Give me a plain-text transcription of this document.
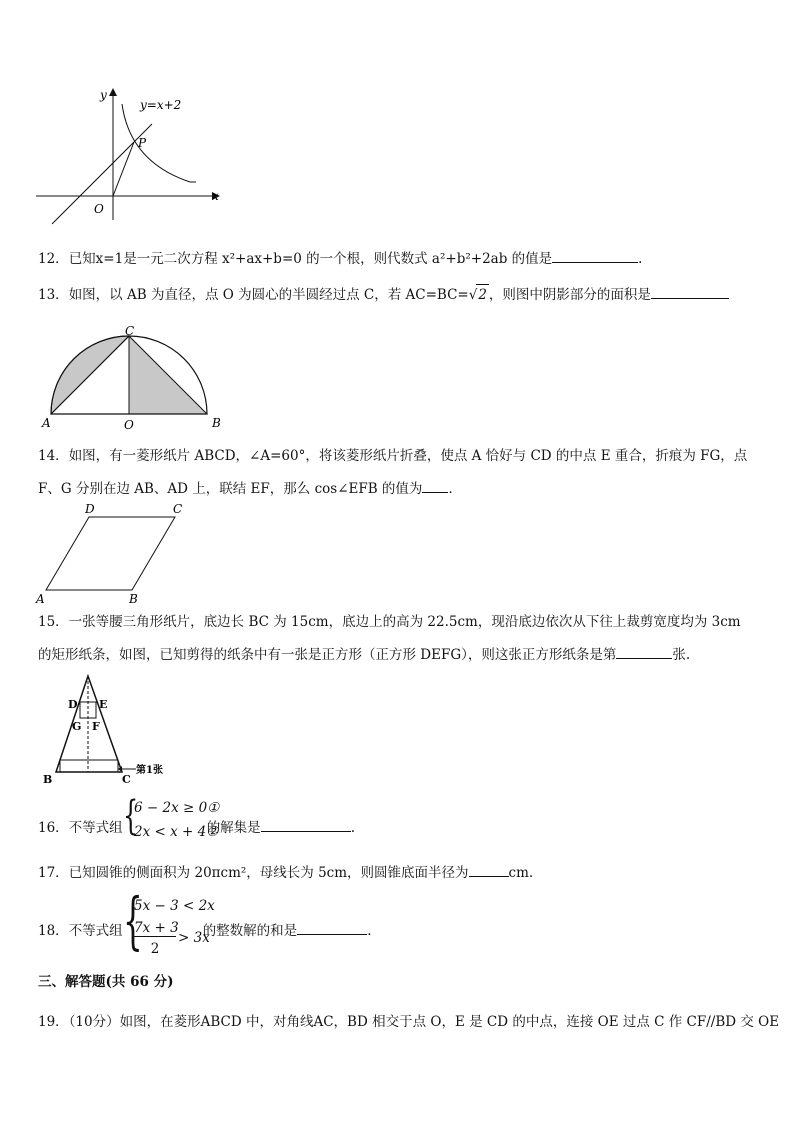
y
y=x+2
P
O
x
12．已知x=1是一元二次方程 x²+ax+b=0 的一个根，则代数式 a²+b²+2ab 的值是	.
13．如图，以 AB 为直径，点 O 为圆心的半圆经过点 C，若 AC=BC=√2 ，则图中阴影部分的面积是
C
A	O	B
14．如图，有一菱形纸片 ABCD，∠A=60°，将该菱形纸片折叠，使点 A 恰好与 CD 的中点 E 重合，折痕为 FG，点
F、G 分别在边 AB、AD 上，联结 EF，那么 cos∠EFB 的值为 ．
D	C
A	B
15．一张等腰三角形纸片，底边长 BC 为 15cm，底边上的高为 22.5cm，现沿底边依次从下往上裁剪宽度均为 3cm
的矩形纸条，如图，已知剪得的纸条中有一张是正方形（正方形 DEFG），则这张正方形纸条是第	张.
D E
G F
B	C
第1张
16．不等式组	的解集是	.
{
6 − 2x ≥ 0①
2x < x + 4②
17．已知圆锥的侧面积为 20πcm²，母线长为 5cm，则圆锥底面半径为	cm.
18．不等式组	的整数解的和是	.
{
5x − 3 < 2x
7x + 3
2
> 3x
三、解答题(共 66 分)
19．（10分）如图，在菱形ABCD 中，对角线AC，BD 相交于点 O，E 是 CD 的中点，连接 OE 过点 C 作 CF//BD 交 OE
